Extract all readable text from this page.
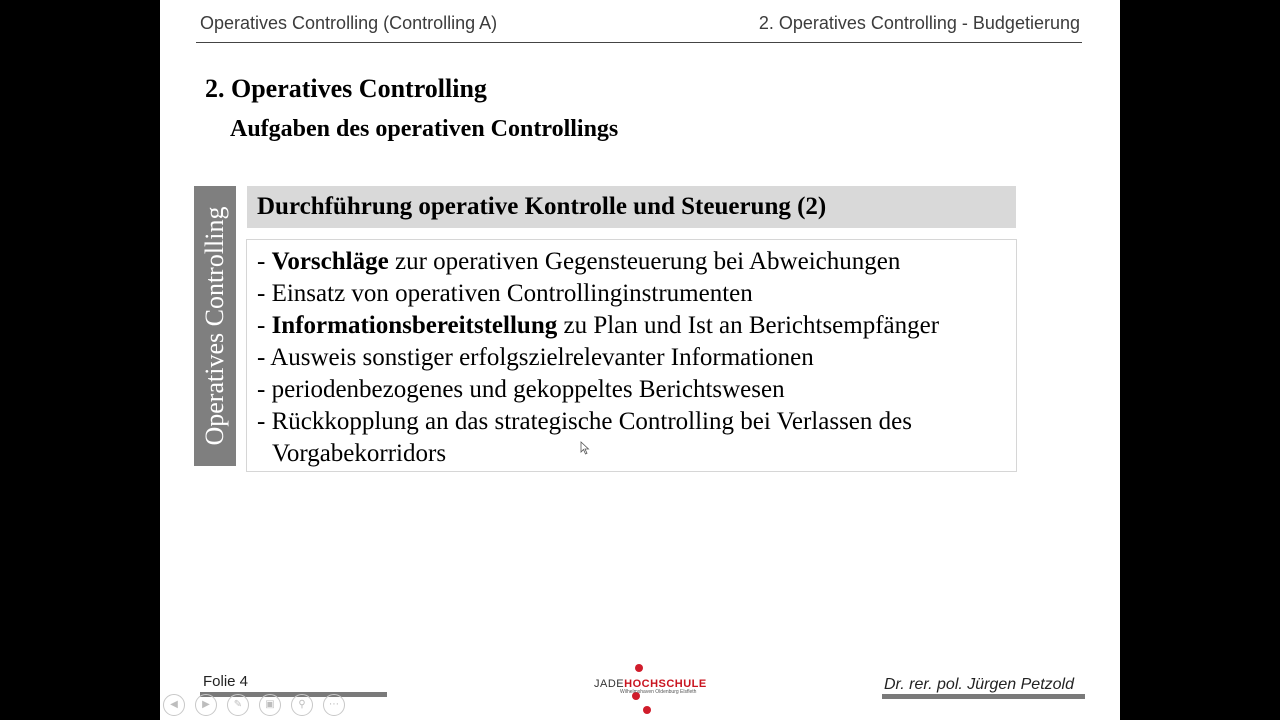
Operatives Controlling (Controlling A)	2. Operatives Controlling - Budgetierung
2. Operatives Controlling
Aufgaben des operativen Controllings
Operatives Controlling Durchführung operative Kontrolle und Steuerung (2)
- Vorschläge zur operativen Gegensteuerung bei Abweichungen
- Einsatz von operativen Controllinginstrumenten
- Informationsbereitstellung zu Plan und Ist an Berichtsempfänger
- Ausweis sonstiger erfolgszielrelevanter Informationen
- periodenbezogenes und gekoppeltes Berichtswesen
- Rückkopplung an das strategische Controlling bei Verlassen des Vorgabekorridors
Folie 4	JADEHOCHSCHULE
Wilhelmshaven Oldenburg Elsfleth	Dr. rer. pol. Jürgen Petzold
◀	▶	✎	▣	⚲	⋯
